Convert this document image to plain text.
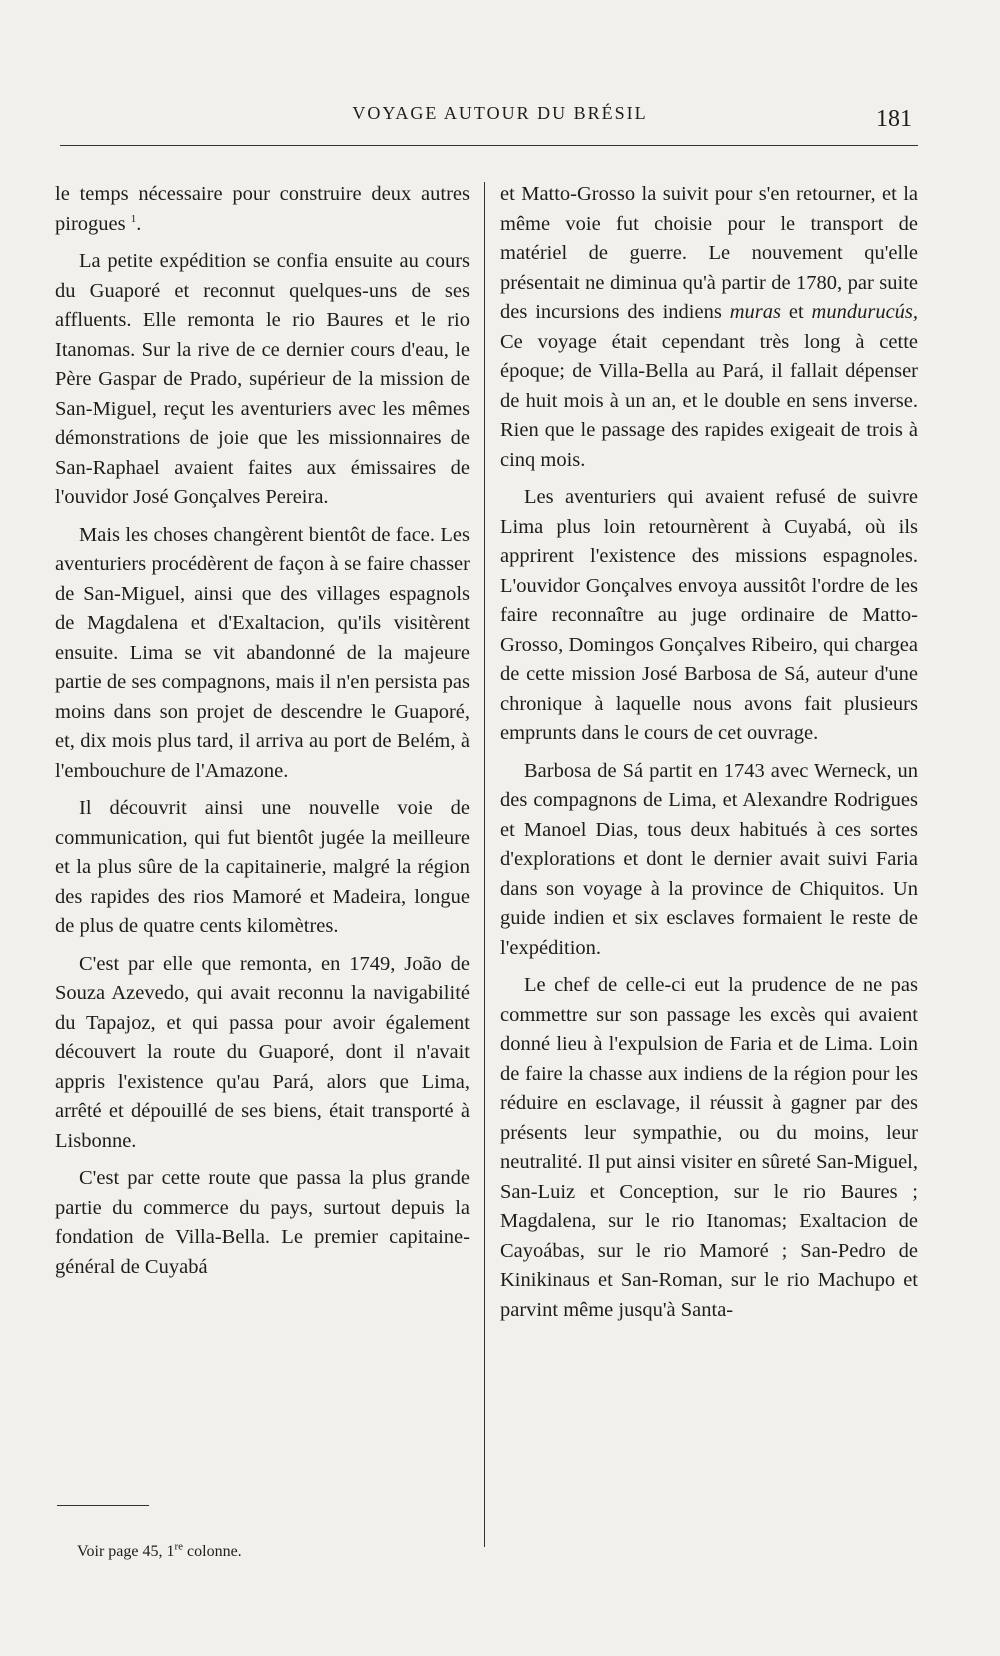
VOYAGE AUTOUR DU BRÉSIL	181

le temps nécessaire pour construire deux autres pirogues $^1$.

La petite expédition se confia ensuite au cours du Guaporé et reconnut quelques-uns de ses affluents. Elle remonta le rio Baures et le rio Itanomas. Sur la rive de ce dernier cours d'eau, le Père Gaspar de Prado, supérieur de la mission de San-Miguel, reçut les aventuriers avec les mêmes démonstrations de joie que les missionnaires de San-Raphael avaient faites aux émissaires de l'ouvidor José Gonçalves Pereira.

Mais les choses changèrent bientôt de face. Les aventuriers procédèrent de façon à se faire chasser de San-Miguel, ainsi que des villages espagnols de Magdalena et d'Exaltacion, qu'ils visitèrent ensuite. Lima se vit abandonné de la majeure partie de ses compagnons, mais il n'en persista pas moins dans son projet de descendre le Guaporé, et, dix mois plus tard, il arriva au port de Belém, à l'embouchure de l'Amazone.

Il découvrit ainsi une nouvelle voie de communication, qui fut bientôt jugée la meilleure et la plus sûre de la capitainerie, malgré la région des rapides des rios Mamoré et Madeira, longue de plus de quatre cents kilomètres.

C'est par elle que remonta, en 1749, João de Souza Azevedo, qui avait reconnu la navigabilité du Tapajoz, et qui passa pour avoir également découvert la route du Guaporé, dont il n'avait appris l'existence qu'au Pará, alors que Lima, arrêté et dépouillé de ses biens, était transporté à Lisbonne.

C'est par cette route que passa la plus grande partie du commerce du pays, surtout depuis la fondation de Villa-Bella. Le premier capitaine-général de Cuyabá

et Matto-Grosso la suivit pour s'en retourner, et la même voie fut choisie pour le transport de matériel de guerre. Le nouvement qu'elle présentait ne diminua qu'à partir de 1780, par suite des incursions des indiens muras et mundurucús, Ce voyage était cependant très long à cette époque; de Villa-Bella au Pará, il fallait dépenser de huit mois à un an, et le double en sens inverse. Rien que le passage des rapides exigeait de trois à cinq mois.

Les aventuriers qui avaient refusé de suivre Lima plus loin retournèrent à Cuyabá, où ils apprirent l'existence des missions espagnoles. L'ouvidor Gonçalves envoya aussitôt l'ordre de les faire reconnaître au juge ordinaire de Matto-Grosso, Domingos Gonçalves Ribeiro, qui chargea de cette mission José Barbosa de Sá, auteur d'une chronique à laquelle nous avons fait plusieurs emprunts dans le cours de cet ouvrage.

Barbosa de Sá partit en 1743 avec Werneck, un des compagnons de Lima, et Alexandre Rodrigues et Manoel Dias, tous deux habitués à ces sortes d'explorations et dont le dernier avait suivi Faria dans son voyage à la province de Chiquitos. Un guide indien et six esclaves formaient le reste de l'expédition.

Le chef de celle-ci eut la prudence de ne pas commettre sur son passage les excès qui avaient donné lieu à l'expulsion de Faria et de Lima. Loin de faire la chasse aux indiens de la région pour les réduire en esclavage, il réussit à gagner par des présents leur sympathie, ou du moins, leur neutralité. Il put ainsi visiter en sûreté San-Miguel, San-Luiz et Conception, sur le rio Baures ; Magdalena, sur le rio Itanomas; Exaltacion de Cayoábas, sur le rio Mamoré ; San-Pedro de Kinikinaus et San-Roman, sur le rio Machupo et parvint même jusqu'à Santa-

Voir page 45, 1re colonne.
